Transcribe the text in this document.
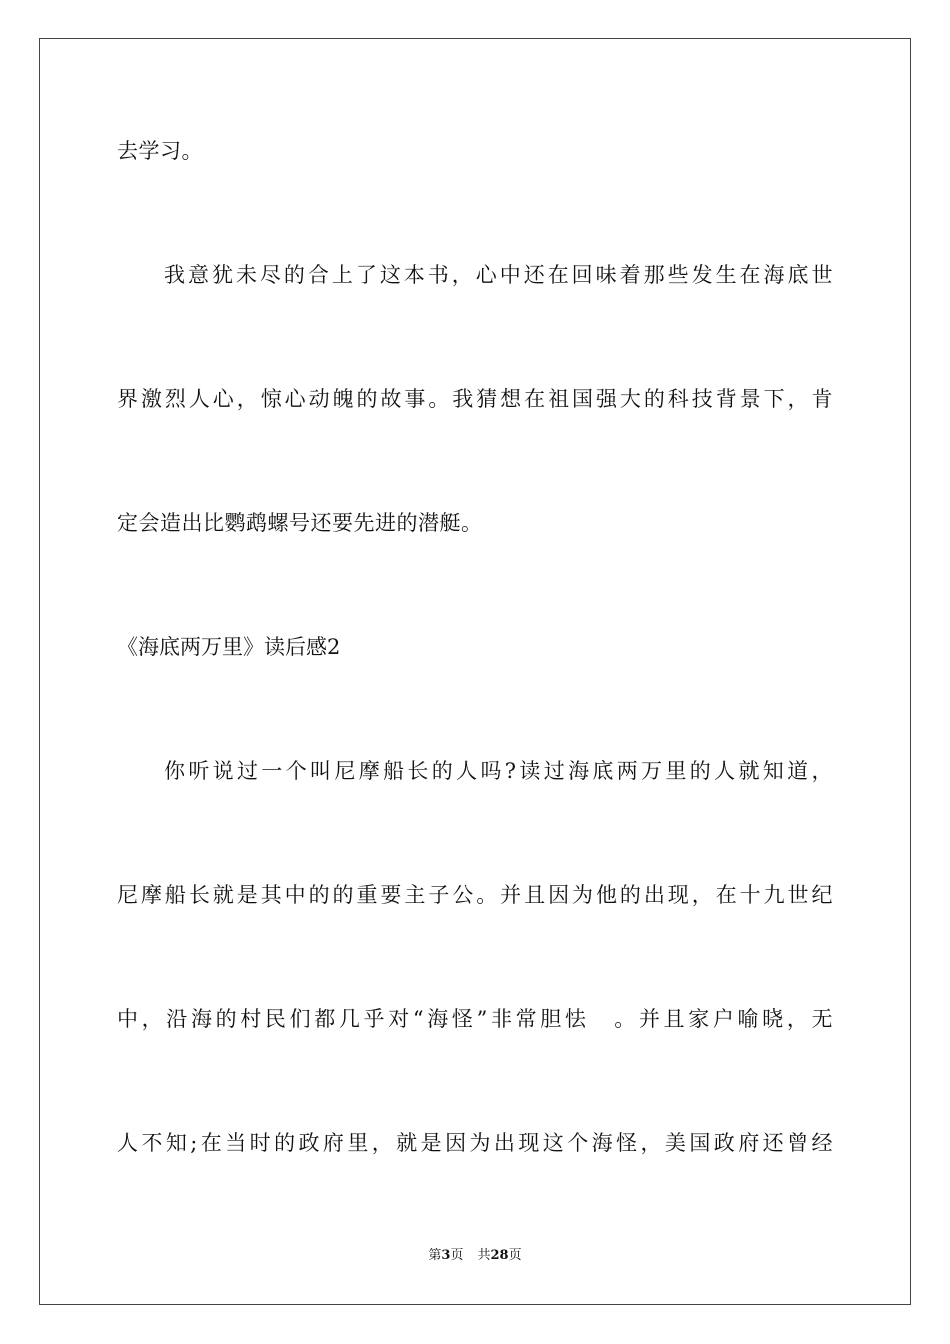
去学习。

我意犹未尽的合上了这本书，心中还在回味着那些发生在海底世

界激烈人心，惊心动魄的故事。我猜想在祖国强大的科技背景下，肯

定会造出比鹦鹉螺号还要先进的潜艇。

《海底两万里》读后感2

你听说过一个叫尼摩船长的人吗?读过海底两万里的人就知道，

尼摩船长就是其中的的重要主子公。并且因为他的出现，在十九世纪

中，沿海的村民们都几乎对“海怪”非常胆怯　。并且家户喻晓，无

人不知;在当时的政府里，就是因为出现这个海怪，美国政府还曾经

第3页 共28页
